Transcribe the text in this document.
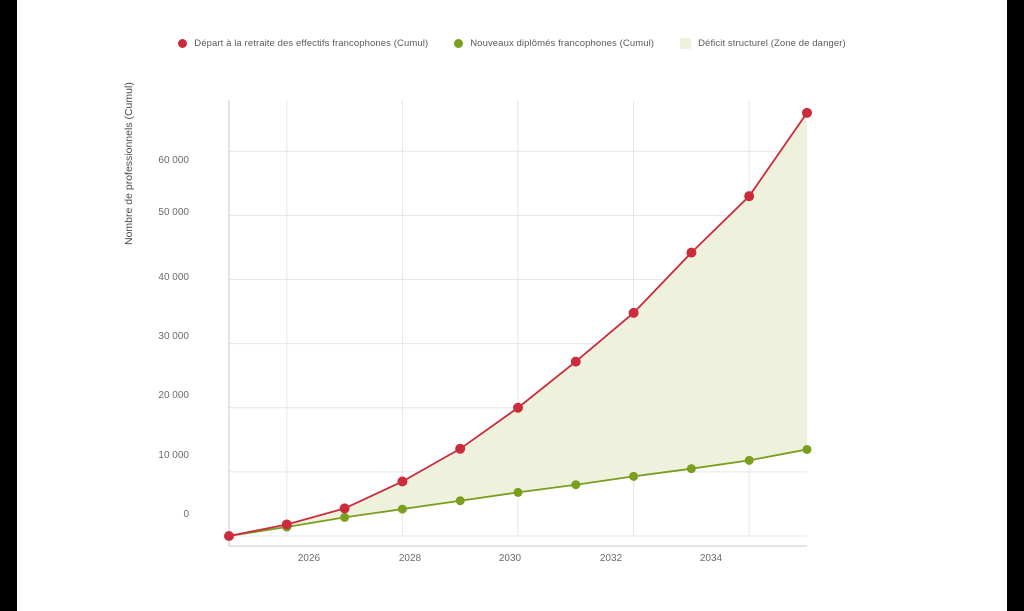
Départ à la retraite des effectifs francophones (Cumul)	Nouveaux diplômés francophones (Cumul)	Déficit structurel (Zone de danger)
Nombre de professionnels (Cumul)	60 000
50 000
40 000
30 000
20 000
10 000
0
2026	2028	2030	2032	2034
